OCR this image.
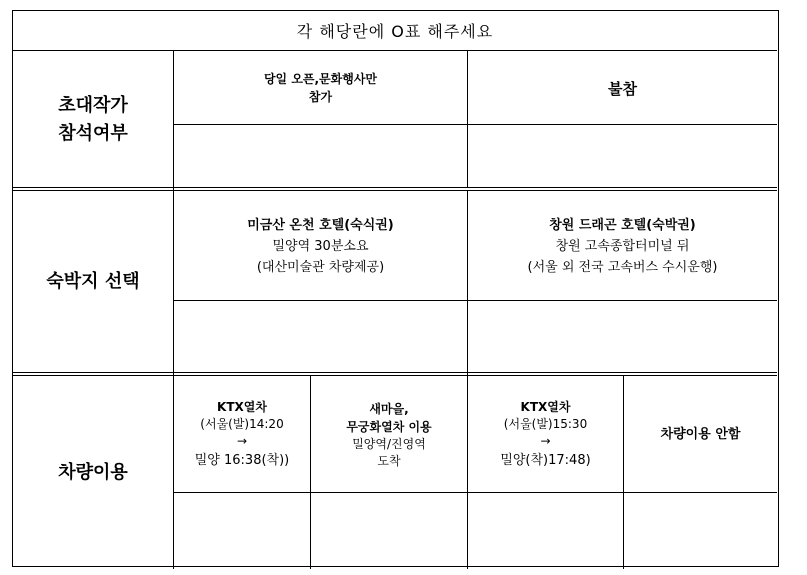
각 해당란에 O표 해주세요
초대작가
참석여부
당일 오픈,문화행사만
참가	불참
숙박지 선택
미금산 온천 호텔(숙식권)
밀양역 30분소요
(대산미술관 차량제공)
창원 드래곤 호텔(숙박권)
창원 고속종합터미널 뒤
(서울 외 전국 고속버스 수시운행)
차량이용
KTX열차
(서울(발)14:20
→
밀양 16:38(착))
새마을,
무궁화열차 이용
밀양역/진영역
도착
KTX열차
(서울(발)15:30
→
밀양(착)17:48)
차량이용 안함
